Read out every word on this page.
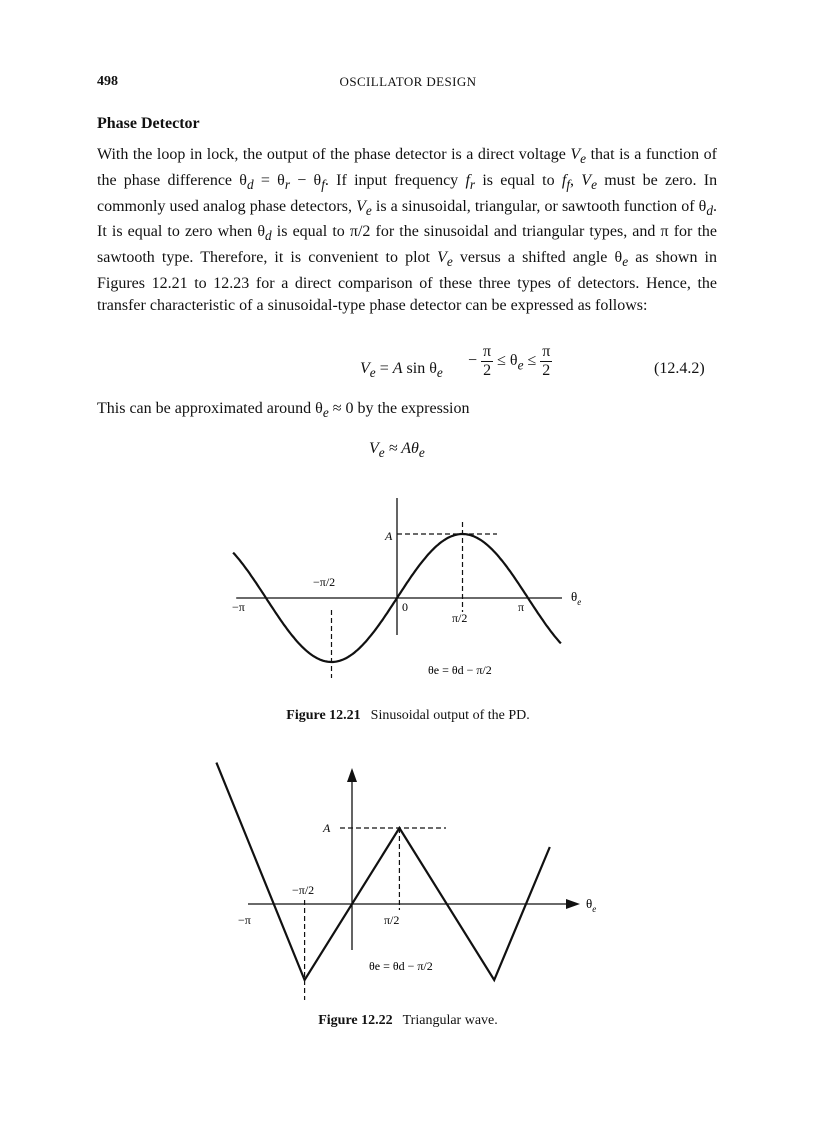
498	OSCILLATOR DESIGN
Phase Detector

With the loop in lock, the output of the phase detector is a direct voltage $V_e$ that is a function of the phase difference $\theta_d = \theta_r - \theta_f$. If input frequency $f_r$ is equal to $f_f$, $V_e$ must be zero. In commonly used analog phase detectors, $V_e$ is a sinusoidal, triangular, or sawtooth function of $\theta_d$. It is equal to zero when $\theta_d$ is equal to π/2 for the sinusoidal and triangular types, and π for the sawtooth type. Therefore, it is convenient to plot $V_e$ versus a shifted angle $\theta_e$ as shown in Figures 12.21 to 12.23 for a direct comparison of these three types of detectors. Hence, the transfer characteristic of a sinusoidal-type phase detector can be expressed as follows:

$V_e = A$ $\sin \theta_e$
− $\frac{\pi}{2} \le \theta_e \le \frac{\pi}{2}$	(12.4.2)
This can be approximated around $\theta_e \approx 0$ by the expression
$V_e \approx A\theta_e$
A
−π/2
−π	0
π/2
π
$\theta_e$
θe = θd − π/2
Figure 12.21 Sinusoidal output of the PD.
A
−π/2
−π	π/2
$\theta_e$
θe = θd − π/2
Figure 12.22 Triangular wave.
